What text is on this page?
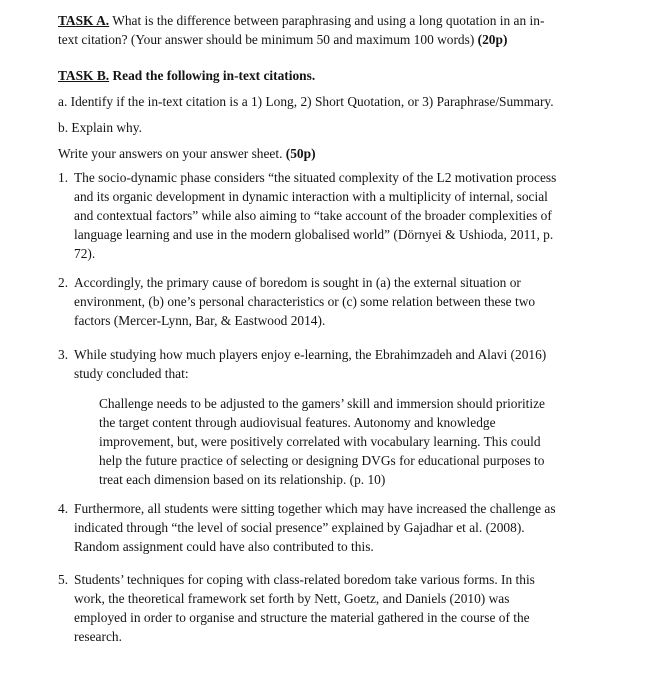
TASK A. What is the difference between paraphrasing and using a long quotation in an in-
text citation? (Your answer should be minimum 50 and maximum 100 words) (20p)
TASK B. Read the following in-text citations.
a. Identify if the in-text citation is a 1) Long, 2) Short Quotation, or 3) Paraphrase/Summary.
b. Explain why.
Write your answers on your answer sheet. (50p)
1. The socio-dynamic phase considers “the situated complexity of the L2 motivation process
and its organic development in dynamic interaction with a multiplicity of internal, social
and contextual factors” while also aiming to “take account of the broader complexities of
language learning and use in the modern globalised world” (Dörnyei & Ushioda, 2011, p.
72).
2. Accordingly, the primary cause of boredom is sought in (a) the external situation or
environment, (b) one’s personal characteristics or (c) some relation between these two
factors (Mercer-Lynn, Bar, & Eastwood 2014).
3. While studying how much players enjoy e-learning, the Ebrahimzadeh and Alavi (2016)
study concluded that:
Challenge needs to be adjusted to the gamers’ skill and immersion should prioritize
the target content through audiovisual features. Autonomy and knowledge
improvement, but, were positively correlated with vocabulary learning. This could
help the future practice of selecting or designing DVGs for educational purposes to
treat each dimension based on its relationship. (p. 10)
4. Furthermore, all students were sitting together which may have increased the challenge as
indicated through “the level of social presence” explained by Gajadhar et al. (2008).
Random assignment could have also contributed to this.
5. Students’ techniques for coping with class-related boredom take various forms. In this
work, the theoretical framework set forth by Nett, Goetz, and Daniels (2010) was
employed in order to organise and structure the material gathered in the course of the
research.
